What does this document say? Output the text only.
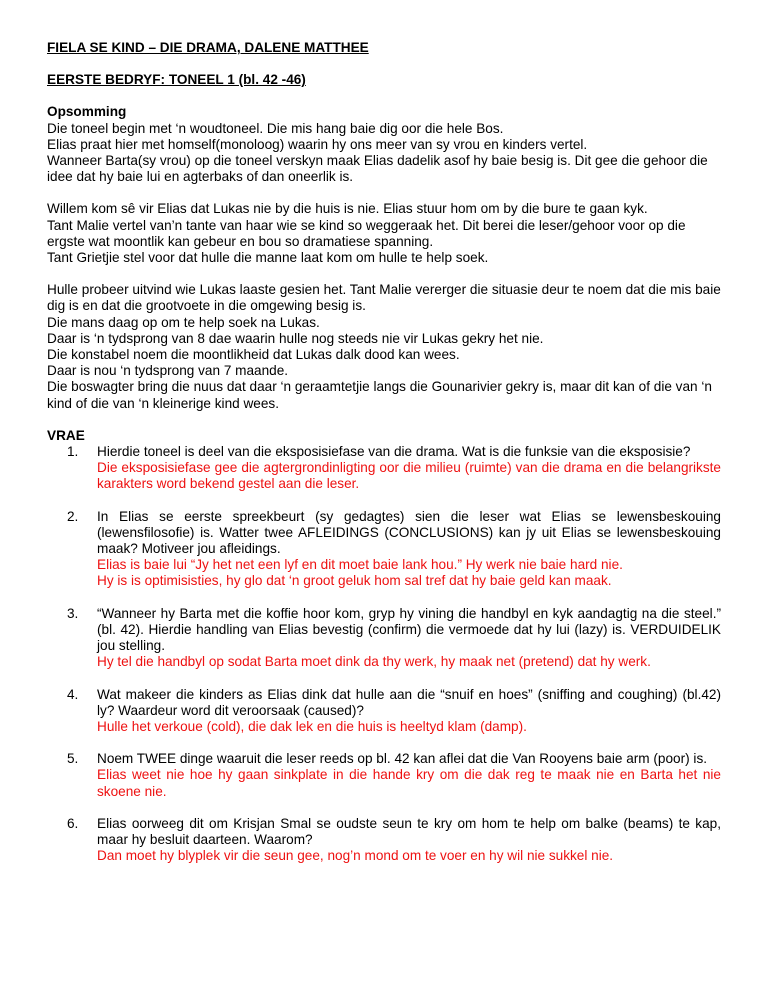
FIELA SE KIND – DIE DRAMA, DALENE MATTHEE

EERSTE BEDRYF: TONEEL 1 (bl. 42 -46)

Opsomming

Die toneel begin met ‘n woudtoneel. Die mis hang baie dig oor die hele Bos.

Elias praat hier met homself(monoloog) waarin hy ons meer van sy vrou en kinders vertel.

Wanneer Barta(sy vrou) op die toneel verskyn maak Elias dadelik asof hy baie besig is. Dit gee die gehoor die idee dat hy baie lui en agterbaks of dan oneerlik is.

Willem kom sê vir Elias dat Lukas nie by die huis is nie. Elias stuur hom om by die bure te gaan kyk.

Tant Malie vertel van’n tante van haar wie se kind so weggeraak het. Dit berei die leser/gehoor voor op die ergste wat moontlik kan gebeur en bou so dramatiese spanning.

Tant Grietjie stel voor dat hulle die manne laat kom om hulle te help soek.

Hulle probeer uitvind wie Lukas laaste gesien het. Tant Malie vererger die situasie deur te noem dat die mis baie dig is en dat die grootvoete in die omgewing besig is.

Die mans daag op om te help soek na Lukas.

Daar is ‘n tydsprong van 8 dae waarin hulle nog steeds nie vir Lukas gekry het nie.

Die konstabel noem die moontlikheid dat Lukas dalk dood kan wees.

Daar is nou ‘n tydsprong van 7 maande.

Die boswagter bring die nuus dat daar ‘n geraamtetjie langs die Gounarivier gekry is, maar dit kan of die van ‘n kind of die van ‘n kleinerige kind wees.

VRAE

1.	Hierdie toneel is deel van die eksposisiefase van die drama. Wat is die funksie van die eksposisie?

Die eksposisiefase gee die agtergrondinligting oor die milieu (ruimte) van die drama en die belangrikste karakters word bekend gestel aan die leser.

2.	In Elias se eerste spreekbeurt (sy gedagtes) sien die leser wat Elias se lewensbeskouing (lewensfilosofie) is. Watter twee AFLEIDINGS (CONCLUSIONS) kan jy uit Elias se lewensbeskouing maak? Motiveer jou afleidings.

Elias is baie lui “Jy het net een lyf en dit moet baie lank hou.” Hy werk nie baie hard nie.

Hy is is optimisisties, hy glo dat ‘n groot geluk hom sal tref dat hy baie geld kan maak.

3.	“Wanneer hy Barta met die koffie hoor kom, gryp hy vining die handbyl en kyk aandagtig na die steel.” (bl. 42). Hierdie handling van Elias bevestig (confirm) die vermoede dat hy lui (lazy) is. VERDUIDELIK jou stelling.

Hy tel die handbyl op sodat Barta moet dink da thy werk, hy maak net (pretend) dat hy werk.

4.	Wat makeer die kinders as Elias dink dat hulle aan die “snuif en hoes” (sniffing and coughing) (bl.42) ly? Waardeur word dit veroorsaak (caused)?

Hulle het verkoue (cold), die dak lek en die huis is heeltyd klam (damp).

5.	Noem TWEE dinge waaruit die leser reeds op bl. 42 kan aflei dat die Van Rooyens baie arm (poor) is.

Elias weet nie hoe hy gaan sinkplate in die hande kry om die dak reg te maak nie en Barta het nie skoene nie.

6.	Elias oorweeg dit om Krisjan Smal se oudste seun te kry om hom te help om balke (beams) te kap, maar hy besluit daarteen. Waarom?

Dan moet hy blyplek vir die seun gee, nog’n mond om te voer en hy wil nie sukkel nie.
